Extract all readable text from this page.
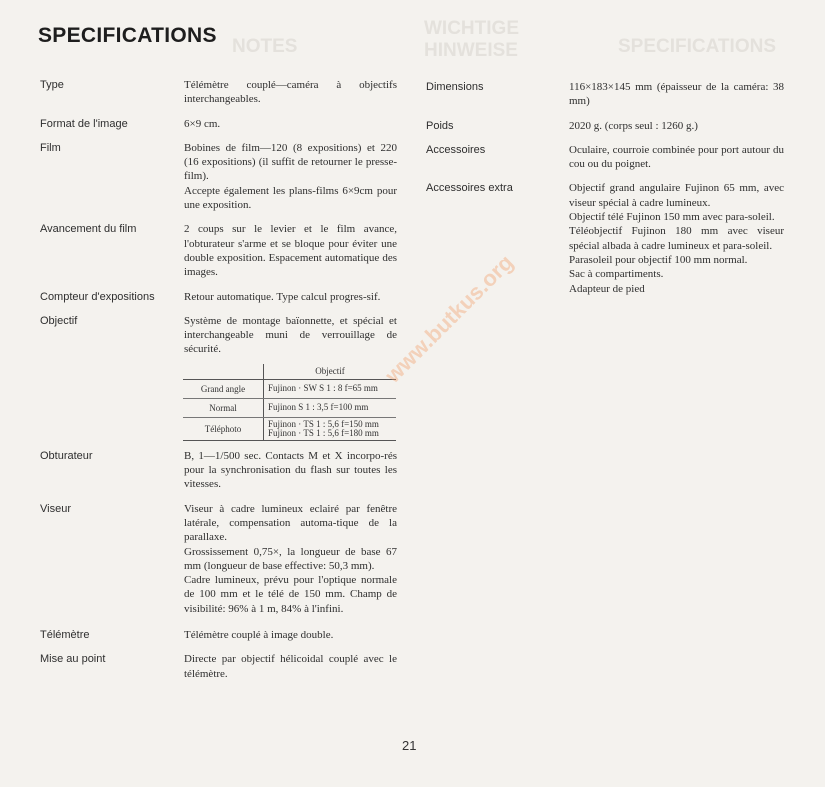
NOTES
WICHTIGE
HINWEISE	SPECIFICATIONS
SPECIFICATIONS
Type	Télémètre couplé—caméra à objectifs interchangeables.

Format de l'image	6×9 cm.

Film	Bobines de film—120 (8 expositions) et 220 (16 expositions) (il suffit de retourner le presse-film).

Accepte également les plans-films 6×9cm pour une exposition.

Avancement du film	2 coups sur le levier et le film avance, l'obturateur s'arme et se bloque pour éviter une double exposition. Espacement automatique des images.

Compteur d'expositions	Retour automatique. Type calcul progres-sif.

Objectif	Système de montage baïonnette, et spécial et interchangeable muni de verrouillage de sécurité.

	Objectif
Grand angle	Fujinon · SW S 1 : 8 f=65 mm

Normal	Fujinon S 1 : 3,5 f=100 mm

Téléphoto	Fujinon · TS 1 : 5,6 f=150 mm
Fujinon · TS 1 : 5,6 f=180 mm
Obturateur	B, 1—1/500 sec. Contacts M et X incorpo-rés pour la synchronisation du flash sur toutes les vitesses.

Viseur	Viseur à cadre lumineux eclairé par fenêtre latérale, compensation automa-tique de la parallaxe.

Grossissement 0,75×, la longueur de base 67 mm (longueur de base effective: 50,3 mm).

Cadre lumineux, prévu pour l'optique normale de 100 mm et le télé de 150 mm. Champ de visibilité: 96% à 1 m, 84% à l'infini.

Télémètre	Télémètre couplé à image double.

Mise au point	Directe par objectif hélicoidal couplé avec le télémètre.

Dimensions	116×183×145 mm (épaisseur de la caméra: 38 mm)

Poids	2020 g. (corps seul : 1260 g.)

Accessoires	Oculaire, courroie combinée pour port autour du cou ou du poignet.

Accessoires extra	Objectif grand angulaire Fujinon 65 mm, avec viseur spécial à cadre lumineux.

Objectif télé Fujinon 150 mm avec para-soleil.

Téléobjectif Fujinon 180 mm avec viseur spécial albada à cadre lumineux et para-soleil.

Parasoleil pour objectif 100 mm normal.

Sac à compartiments.

Adapteur de pied

www.butkus.org
21
